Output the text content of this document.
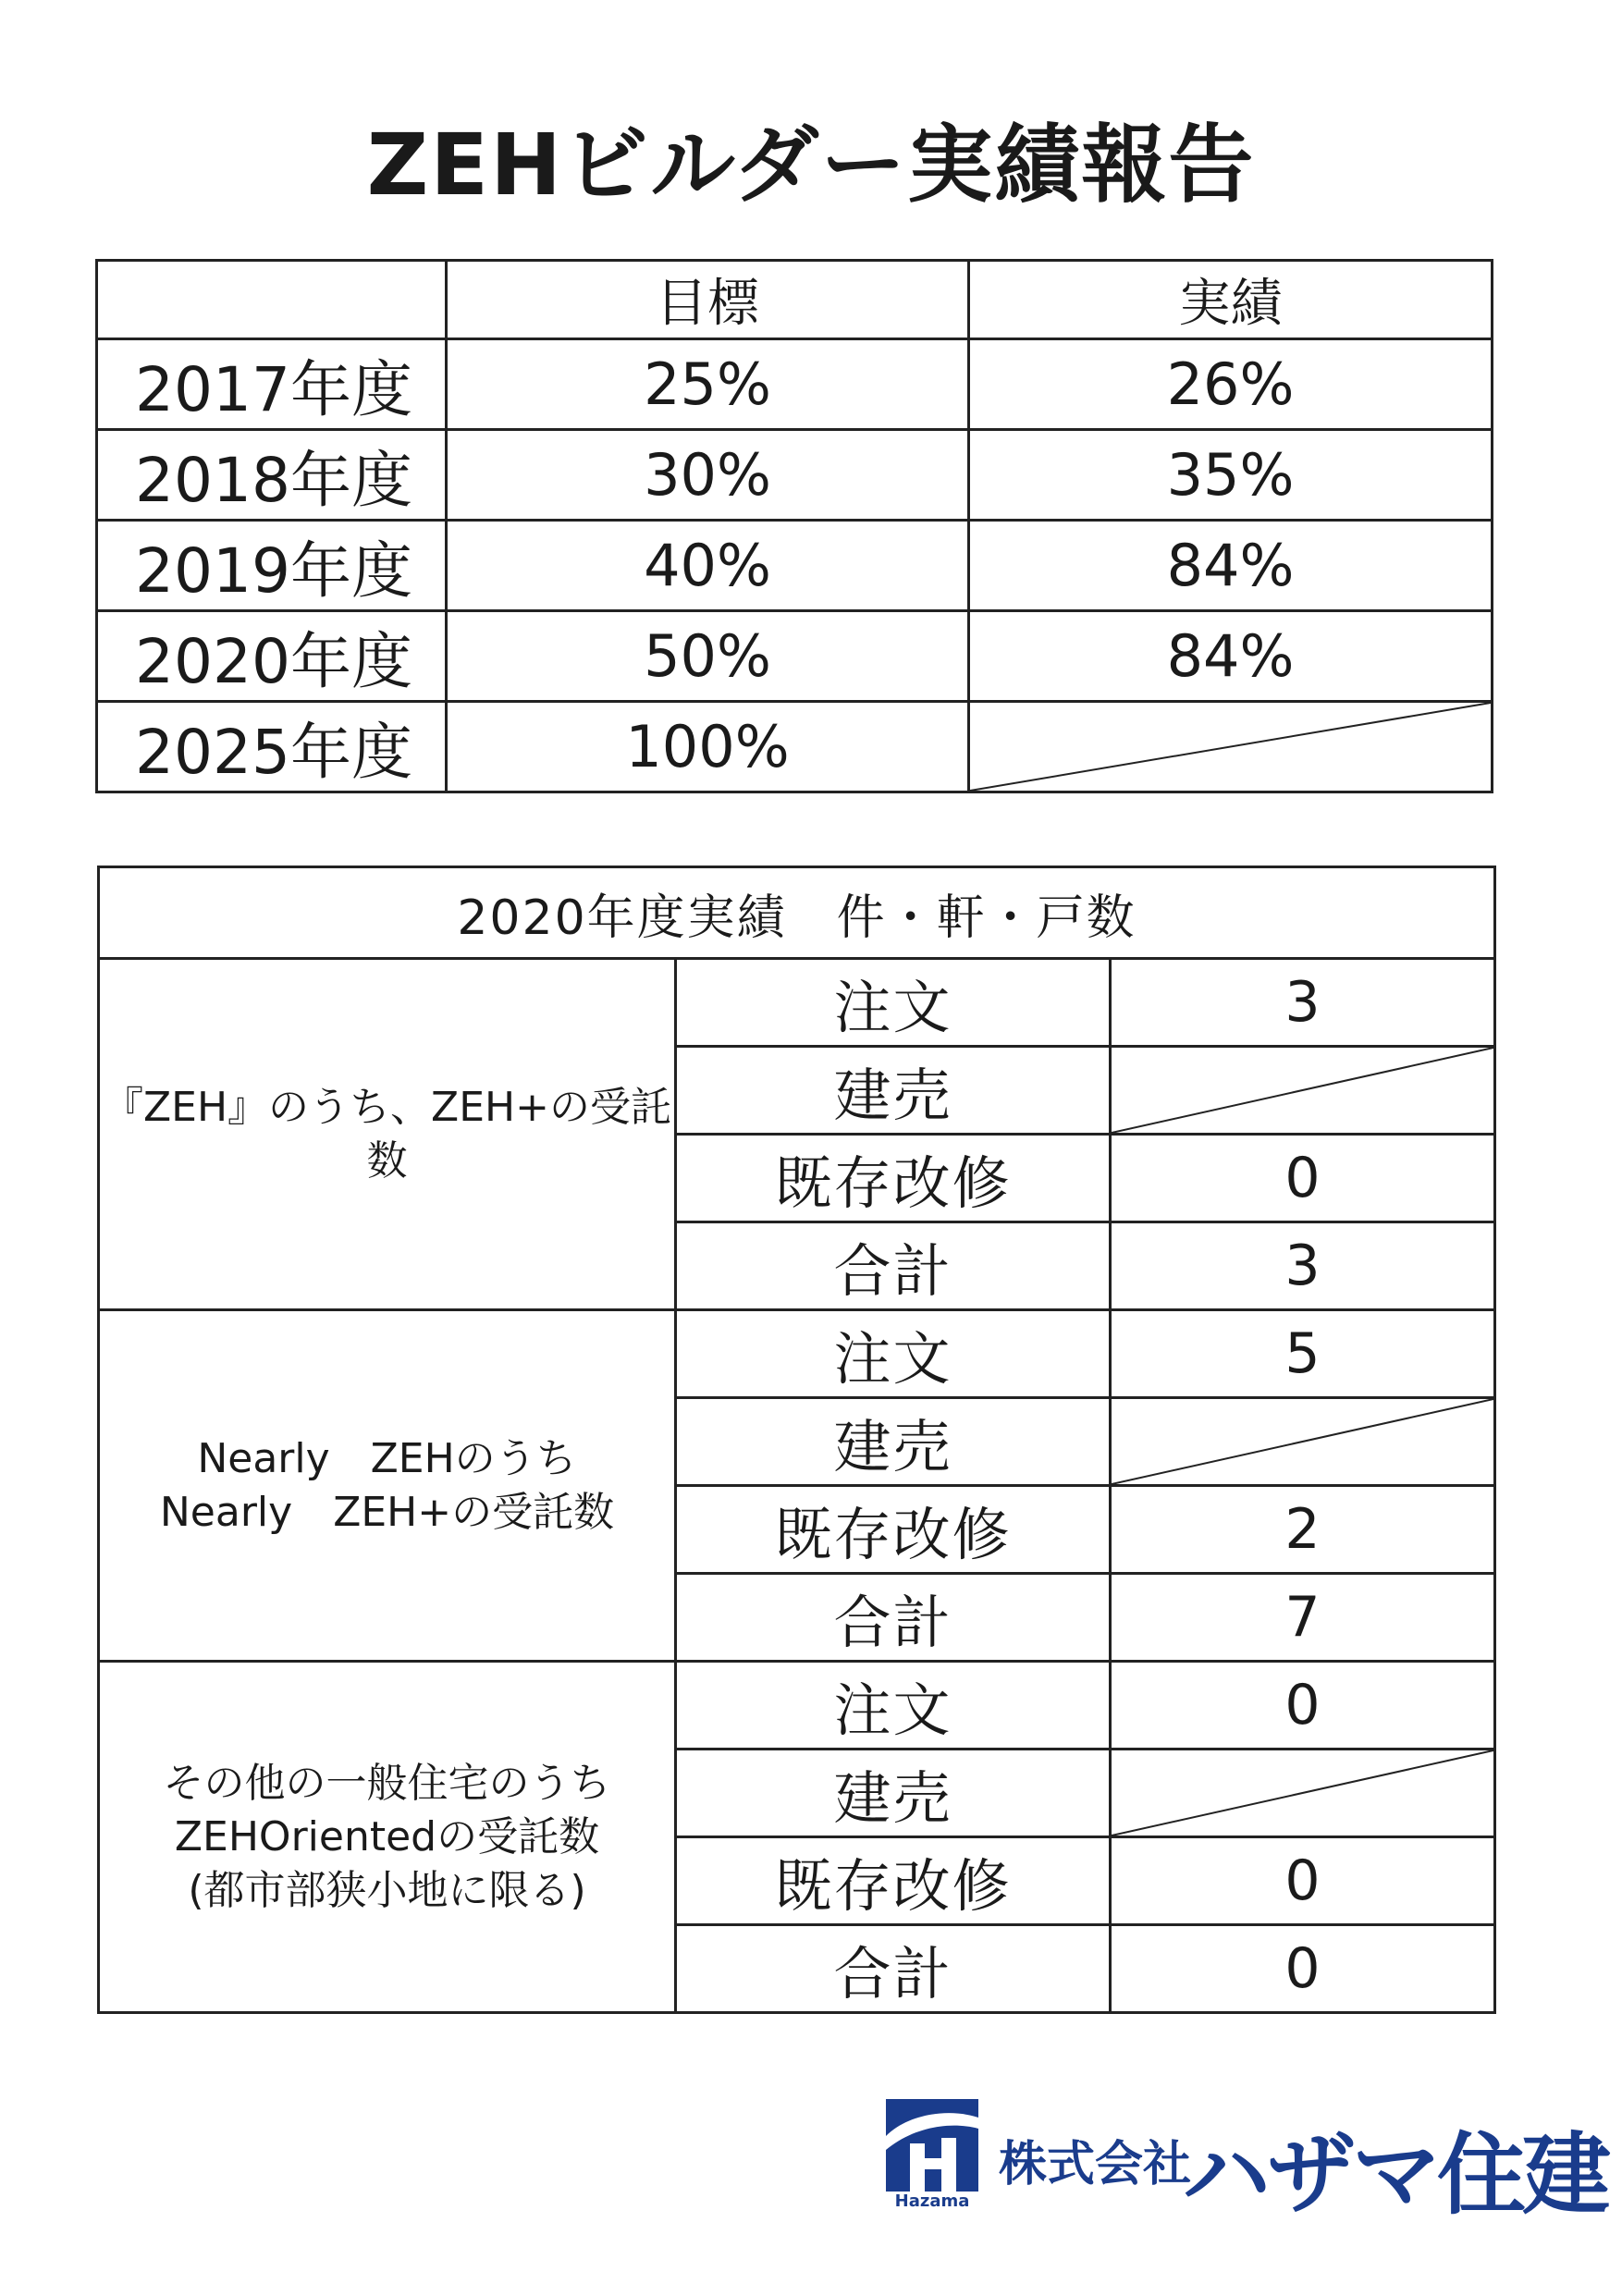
ZEHビルダー実績報告
	目標	実績
2017年度	25%	26%
2018年度	30%	35%
2019年度	40%	84%
2020年度	50%	84%
2025年度	100%	
2020年度実績　件・軒・戸数		

『ZEH』のうち、ZEH+の受託数	注文	3
	建売	

	既存改修	0
	合計	3

Nearly　ZEHのうち
Nearly　ZEH+の受託数	注文	5
	建売	

	既存改修	2
	合計	7

その他の一般住宅のうち
ZEHOrientedの受託数
(都市部狭小地に限る)	注文	0
	建売	

	既存改修	0
	合計	0
Hazama
株式会社
ハザマ住建
